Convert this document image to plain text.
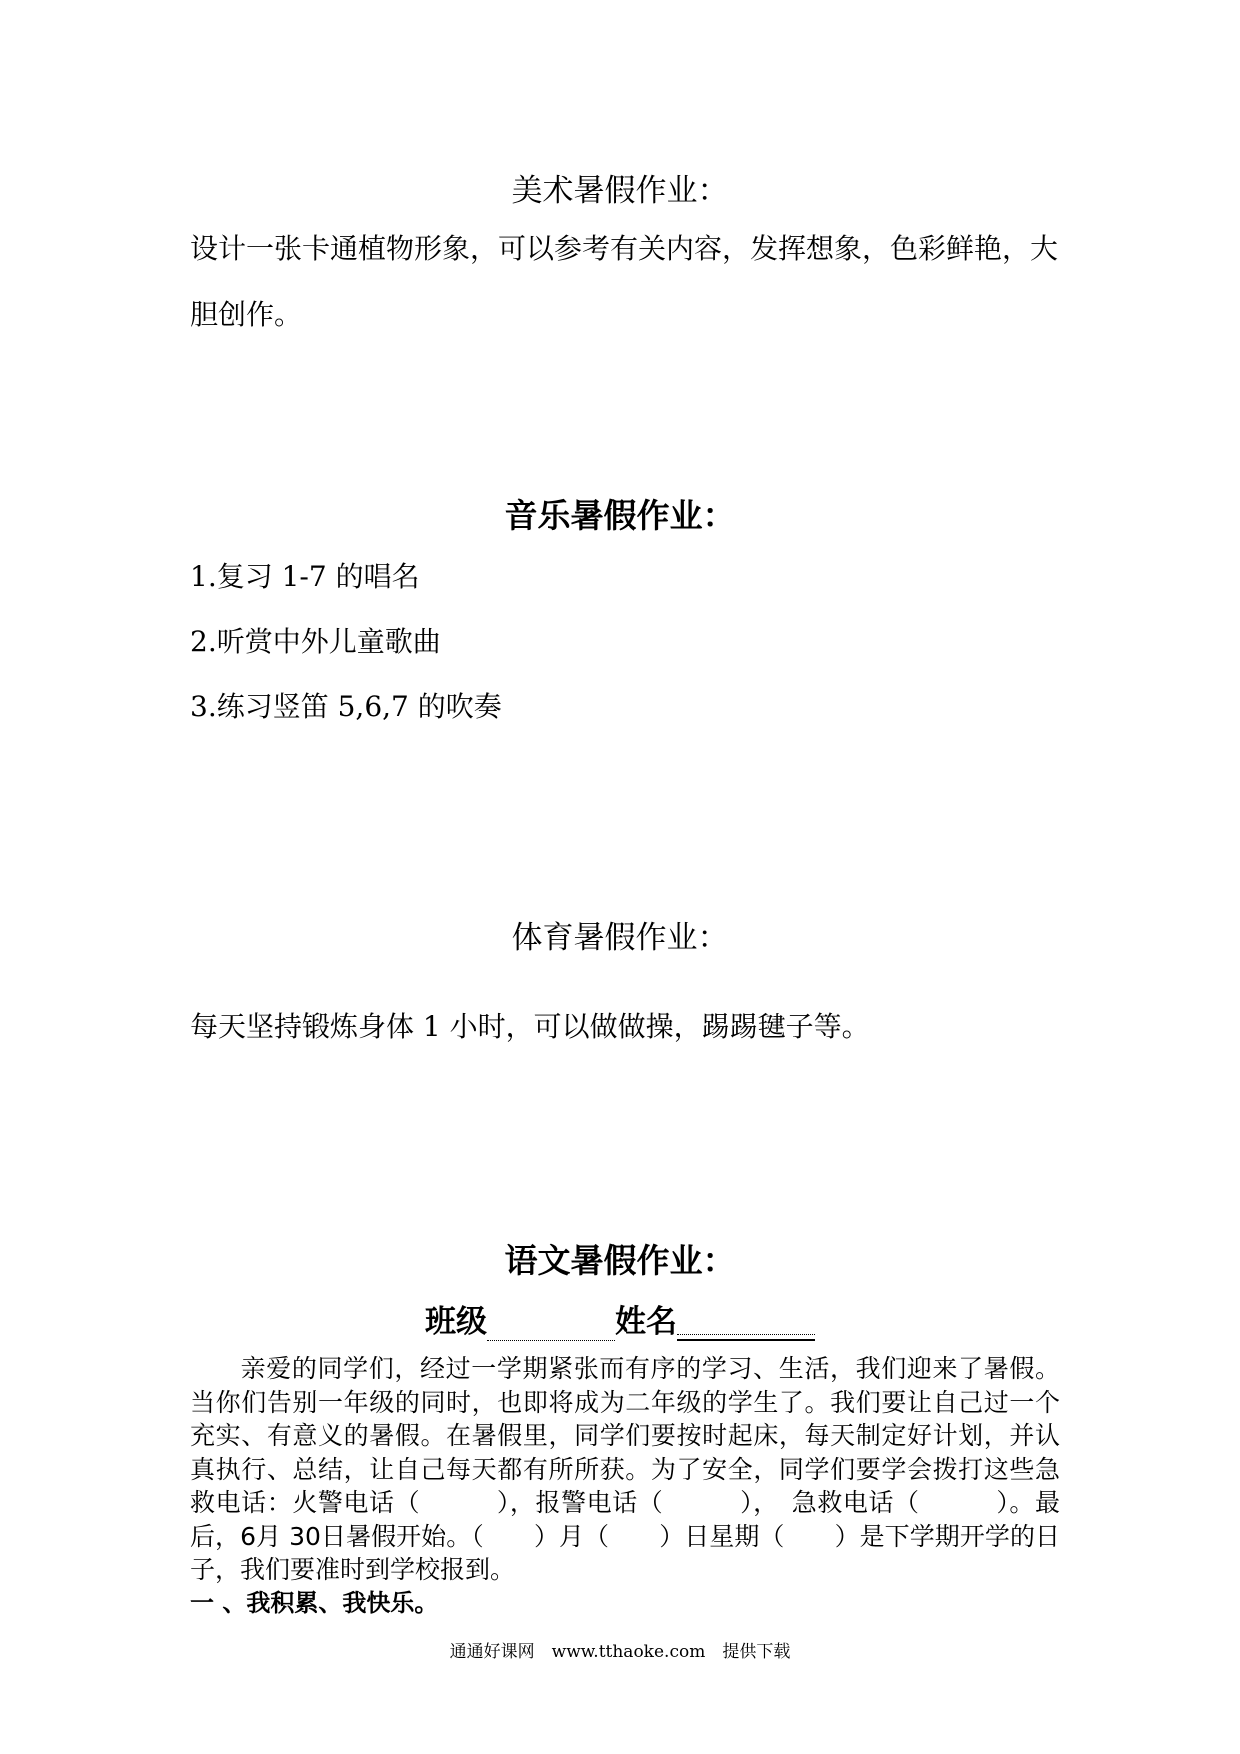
美术暑假作业：
设计一张卡通植物形象，可以参考有关内容，发挥想象，色彩鲜艳，大胆创作。
音乐暑假作业：
1.复习 1-7 的唱名
2.听赏中外儿童歌曲
3.练习竖笛 5,6,7 的吹奏
体育暑假作业：
每天坚持锻炼身体 1 小时，可以做做操，踢踢毽子等。
语文暑假作业：
班级	姓名
亲爱的同学们，经过一学期紧张而有序的学习、生活，我们迎来了暑假。当你们告别一年级的同时，也即将成为二年级的学生了。我们要让自己过一个充实、有意义的暑假。在暑假里，同学们要按时起床，每天制定好计划，并认真执行、总结，让自己每天都有所所获。为了安全，同学们要学会拨打这些急救电话：火警电话（　　　），报警电话（　　　），　急救电话（　　　）。最后，6月 30日暑假开始。（　　）月（　　）日星期（　　）是下学期开学的日子，我们要准时到学校报到。
一 、我积累、我快乐。
通通好课网　www.tthaoke.com　提供下载
